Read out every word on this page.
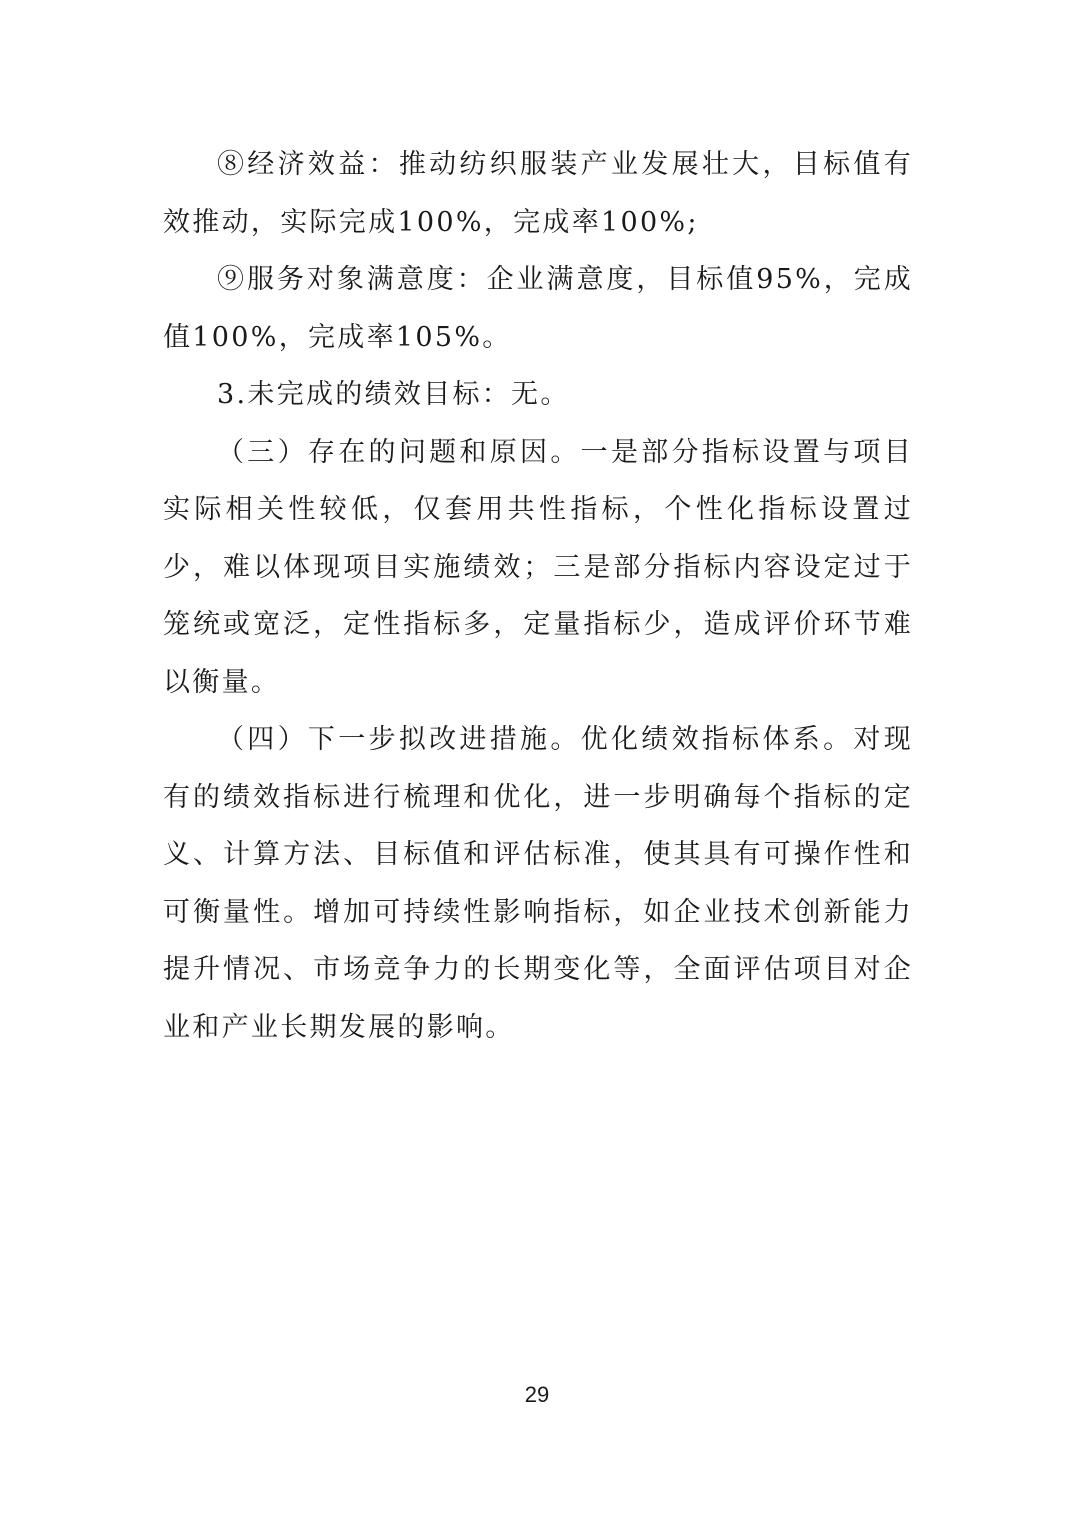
⑧经济效益：推动纺织服装产业发展壮大，目标值有效推动，实际完成100%，完成率100%;

⑨服务对象满意度：企业满意度，目标值95%，完成值100%，完成率105%。

3.未完成的绩效目标：无。

（三）存在的问题和原因。一是部分指标设置与项目实际相关性较低，仅套用共性指标，个性化指标设置过少，难以体现项目实施绩效；三是部分指标内容设定过于笼统或宽泛，定性指标多，定量指标少，造成评价环节难以衡量。

（四）下一步拟改进措施。优化绩效指标体系。对现有的绩效指标进行梳理和优化，进一步明确每个指标的定义、计算方法、目标值和评估标准，使其具有可操作性和可衡量性。增加可持续性影响指标，如企业技术创新能力提升情况、市场竞争力的长期变化等，全面评估项目对企业和产业长期发展的影响。

29
